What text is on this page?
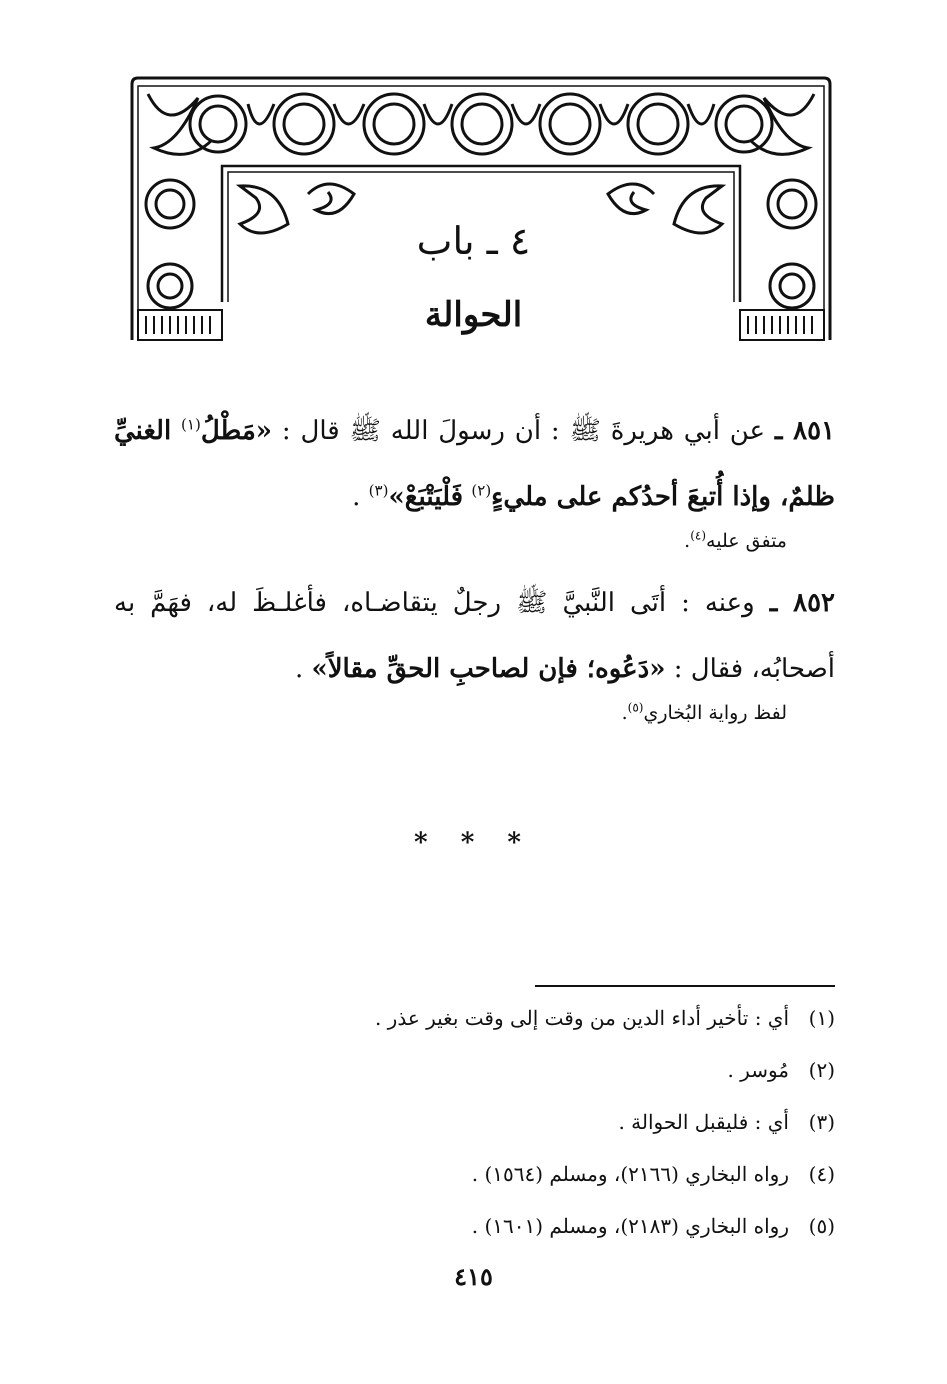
٤ ـ باب
الحوالة
٨٥١ ـ عن أبي هريرةَ ﷺ : أن رسولَ الله ﷺ قال : «مَطْلُ$^{(١)}$ الغنيِّ ظلمٌ، وإذا أُتبعَ أحدُكم على مليءٍ$^{(٢)}$ فَلْيَتْبَعْ»$^{(٣)}$ .
متفق عليه$^{(٤)}$.
٨٥٢ ـ وعنه : أتَى النَّبيَّ ﷺ رجلٌ يتقاضـاه، فأغلـظَ له، فهَمَّ به أصحابُه، فقال : «دَعُوه؛ فإن لصاحبِ الحقِّ مقالاً» .
لفظ رواية البُخاري$^{(٥)}$.
* * *
(١)أي : تأخير أداء الدين من وقت إلى وقت بغير عذر .
(٢)مُوسر .
(٣)أي : فليقبل الحوالة .
(٤)رواه البخاري (٢١٦٦)، ومسلم (١٥٦٤) .
(٥)رواه البخاري (٢١٨٣)، ومسلم (١٦٠١) .
٤١٥
